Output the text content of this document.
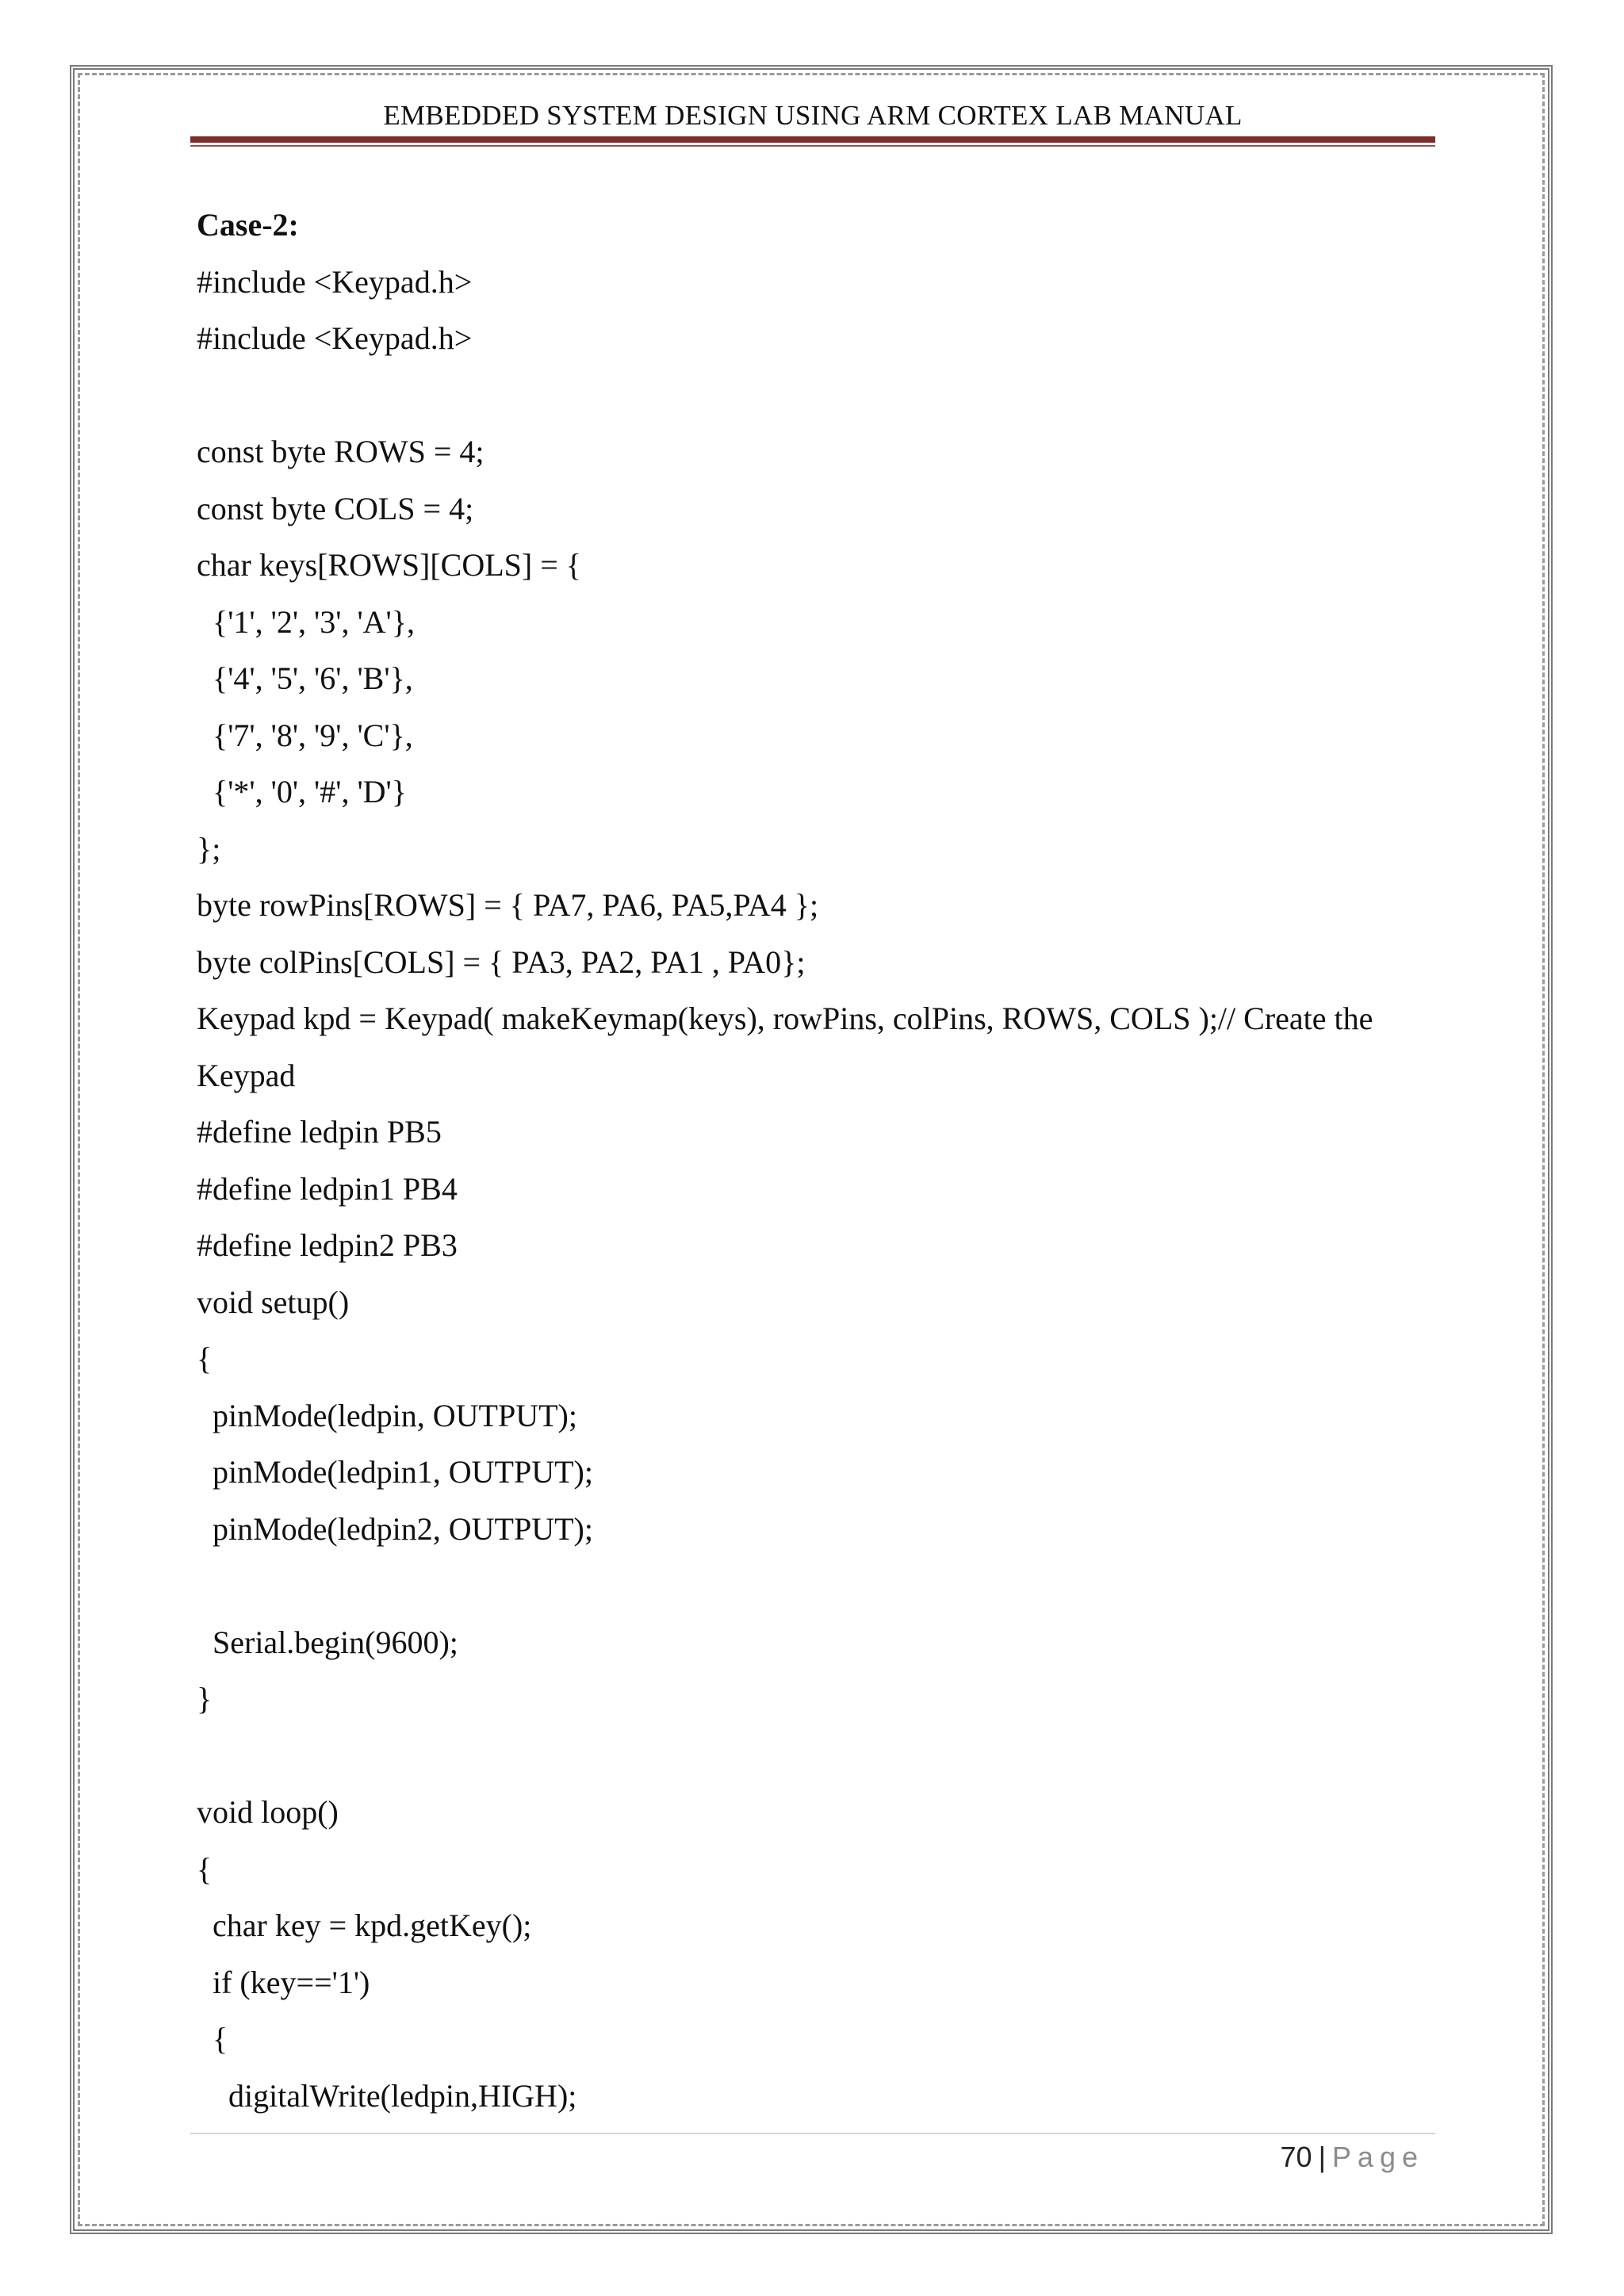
EMBEDDED SYSTEM DESIGN USING ARM CORTEX LAB MANUAL
Case-2:
#include <Keypad.h>
#include <Keypad.h>
const byte ROWS = 4;
const byte COLS = 4;
char keys[ROWS][COLS] = {
{'1', '2', '3', 'A'},
{'4', '5', '6', 'B'},
{'7', '8', '9', 'C'},
{'*', '0', '#', 'D'}
};
byte rowPins[ROWS] = { PA7, PA6, PA5,PA4 };
byte colPins[COLS] = { PA3, PA2, PA1 , PA0};
Keypad kpd = Keypad( makeKeymap(keys), rowPins, colPins, ROWS, COLS );// Create the
Keypad
#define ledpin PB5
#define ledpin1 PB4
#define ledpin2 PB3
void setup()
{
pinMode(ledpin, OUTPUT);
pinMode(ledpin1, OUTPUT);
pinMode(ledpin2, OUTPUT);
Serial.begin(9600);
}
void loop()
{
char key = kpd.getKey();
if (key=='1')
{
digitalWrite(ledpin,HIGH);
70 | Page
